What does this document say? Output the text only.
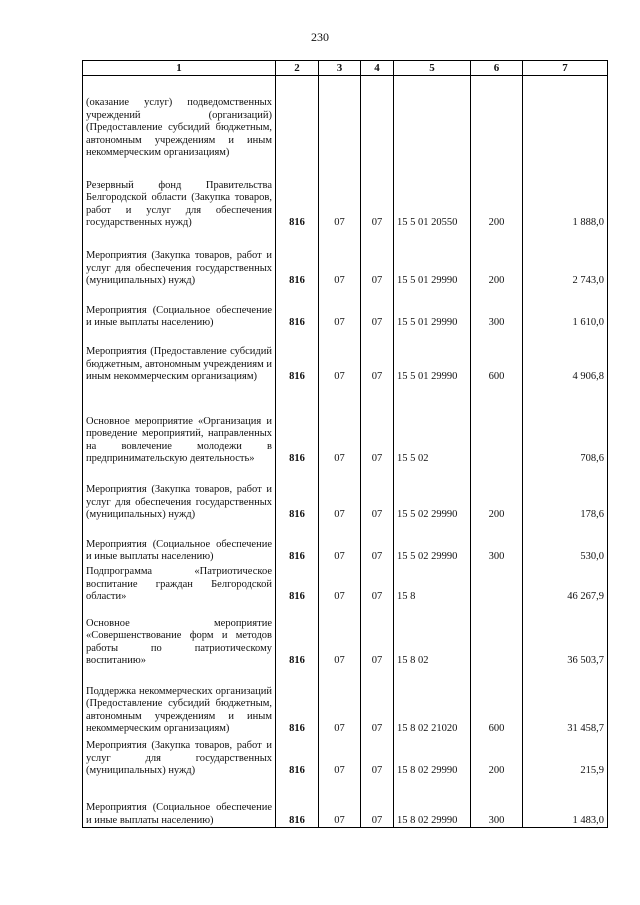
230
1	2	3	4	5	6	7
(оказание услуг) подведомственных учреждений (организаций) (Предоставление субсидий бюджетным, автономным учреждениям и иным некоммерческим организациям)						
Резервный фонд Правительства Белгородской области (Закупка товаров, работ и услуг для обеспечения государственных нужд)	816	07	07	15 5 01 20550	200	1 888,0
Мероприятия (Закупка товаров, работ и услуг для обеспечения государственных (муниципальных) нужд)	816	07	07	15 5 01 29990	200	2 743,0
Мероприятия (Социальное обеспечение и иные выплаты населению)	816	07	07	15 5 01 29990	300	1 610,0
Мероприятия (Предоставление субсидий бюджетным, автономным учреждениям и иным некоммерческим организациям)	816	07	07	15 5 01 29990	600	4 906,8
Основное мероприятие «Организация и проведение мероприятий, направленных на вовлечение молодежи в предпринимательскую деятельность»	816	07	07	15 5 02		708,6
Мероприятия (Закупка товаров, работ и услуг для обеспечения государственных (муниципальных) нужд)	816	07	07	15 5 02 29990	200	178,6
Мероприятия (Социальное обеспечение и иные выплаты населению)	816	07	07	15 5 02 29990	300	530,0
Подпрограмма «Патриотическое воспитание граждан Белгородской области»	816	07	07	15 8		46 267,9
Основное мероприятие «Совершенствование форм и методов работы по патриотическому воспитанию»	816	07	07	15 8 02		36 503,7
Поддержка некоммерческих организаций (Предоставление субсидий бюджетным, автономным учреждениям и иным некоммерческим организациям)	816	07	07	15 8 02 21020	600	31 458,7
Мероприятия (Закупка товаров, работ и услуг для государственных (муниципальных) нужд)	816	07	07	15 8 02 29990	200	215,9
Мероприятия (Социальное обеспечение и иные выплаты населению)	816	07	07	15 8 02 29990	300	1 483,0
